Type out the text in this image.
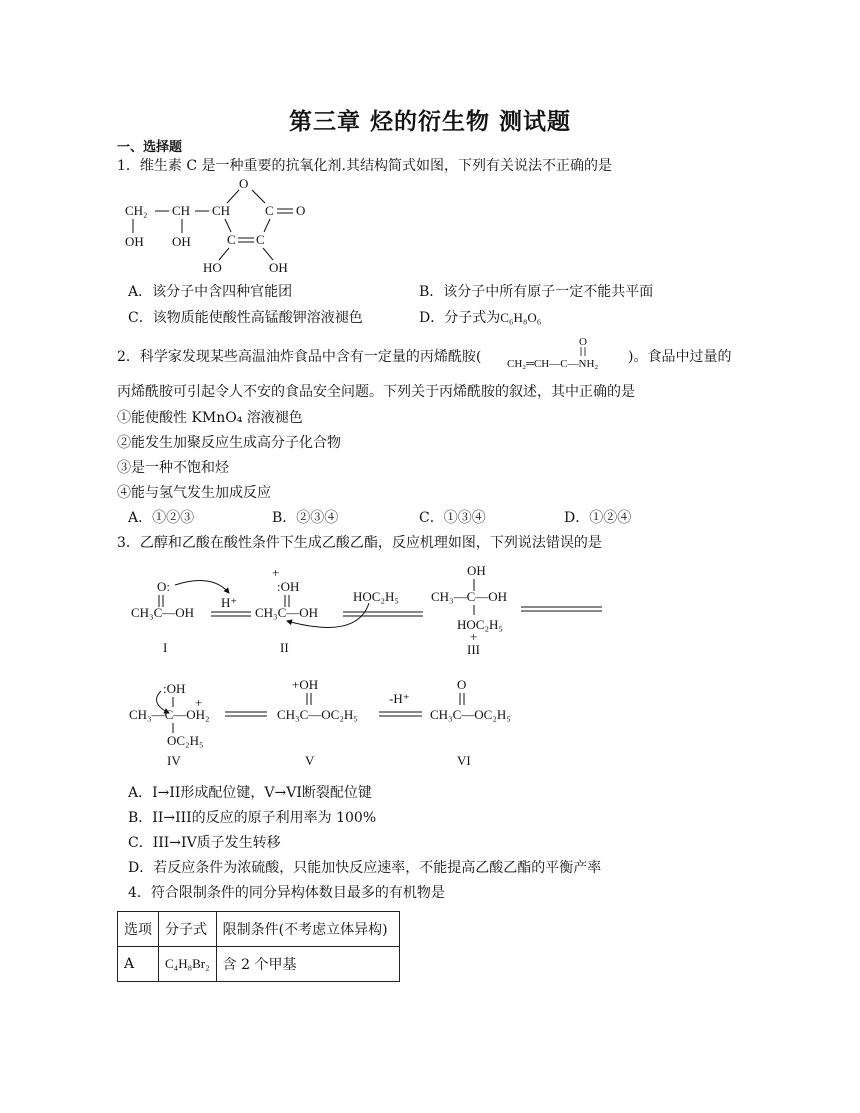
第三章 烃的衍生物 测试题
一、选择题
1．维生素 C 是一种重要的抗氧化剂.其结构简式如图，下列有关说法不正确的是
CH₂ CH CH
OH OH
O
C O
C C
HO	OH
A．该分子中含四种官能团	B．该分子中所有原子一定不能共平面
C．该物质能使酸性高锰酸钾溶液褪色	D．分子式为C₆H₈O₆
2．科学家发现某些高温油炸食品中含有一定量的丙烯酰胺(
O
CH₂═CH—C—NH₂ )。食品中过量的
丙烯酰胺可引起令人不安的食品安全问题。下列关于丙烯酰胺的叙述，其中正确的是
①能使酸性 KMnO₄ 溶液褪色
②能发生加聚反应生成高分子化合物
③是一种不饱和烃
④能与氢气发生加成反应
A．①②③	B．②③④	C．①③④	D．①②④
3．乙醇和乙酸在酸性条件下生成乙酸乙酯，反应机理如图，下列说法错误的是
O:
CH₃C—OH
I
H⁺
+
:OH
CH₃C—OH
II
HOC₂H₅
OH
CH₃—C—OH
HOC₂H₅
+
III
:OH
+
CH₃—C—OH₂
OC₂H₅
IV
+OH
CH₃C—OC₂H₅
V
-H⁺
O
CH₃C—OC₂H₅
VI
A．I→II形成配位键，V→VI断裂配位键
B．II→III的反应的原子利用率为 100%
C．III→IV质子发生转移
D．若反应条件为浓硫酸，只能加快反应速率，不能提高乙酸乙酯的平衡产率
4．符合限制条件的同分异构体数目最多的有机物是
选项	分子式	限制条件(不考虑立体异构)
A	C₄H₈Br₂	含 2 个甲基
